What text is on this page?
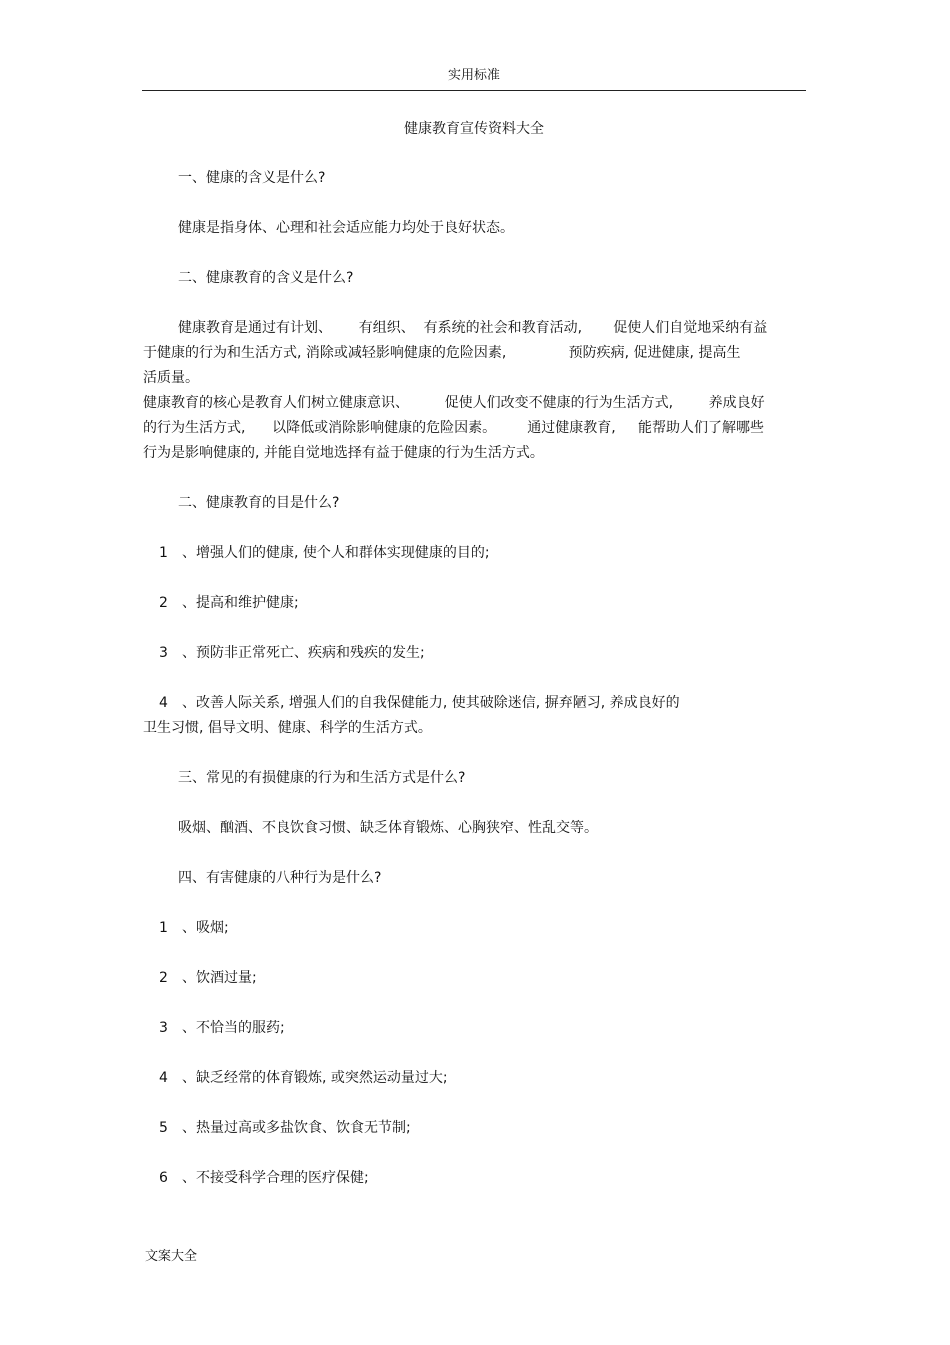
实用标准
健康教育宣传资料大全
一、健康的含义是什么?
健康是指身体、心理和社会适应能力均处于良好状态。
二、健康教育的含义是什么?
健康教育是通过有计划、      有组织、  有系统的社会和教育活动,       促使人们自觉地采纳有益
于健康的行为和生活方式, 消除或减轻影响健康的危险因素,              预防疾病, 促进健康, 提高生
活质量。
健康教育的核心是教育人们树立健康意识、        促使人们改变不健康的行为生活方式,        养成良好
的行为生活方式,      以降低或消除影响健康的危险因素。       通过健康教育,     能帮助人们了解哪些
行为是影响健康的, 并能自觉地选择有益于健康的行为生活方式。
二、健康教育的目是什么?
1	、增强人们的健康, 使个人和群体实现健康的目的;
2	、提高和维护健康;
3	、预防非正常死亡、疾病和残疾的发生;
4	、改善人际关系, 增强人们的自我保健能力, 使其破除迷信, 摒弃陋习, 养成良好的
卫生习惯, 倡导文明、健康、科学的生活方式。
三、常见的有损健康的行为和生活方式是什么?
吸烟、酗酒、不良饮食习惯、缺乏体育锻炼、心胸狭窄、性乱交等。
四、有害健康的八种行为是什么?
1	、吸烟;
2	、饮酒过量;
3	、不恰当的服药;
4	、缺乏经常的体育锻炼, 或突然运动量过大;
5	、热量过高或多盐饮食、饮食无节制;
6	、不接受科学合理的医疗保健;
文案大全
